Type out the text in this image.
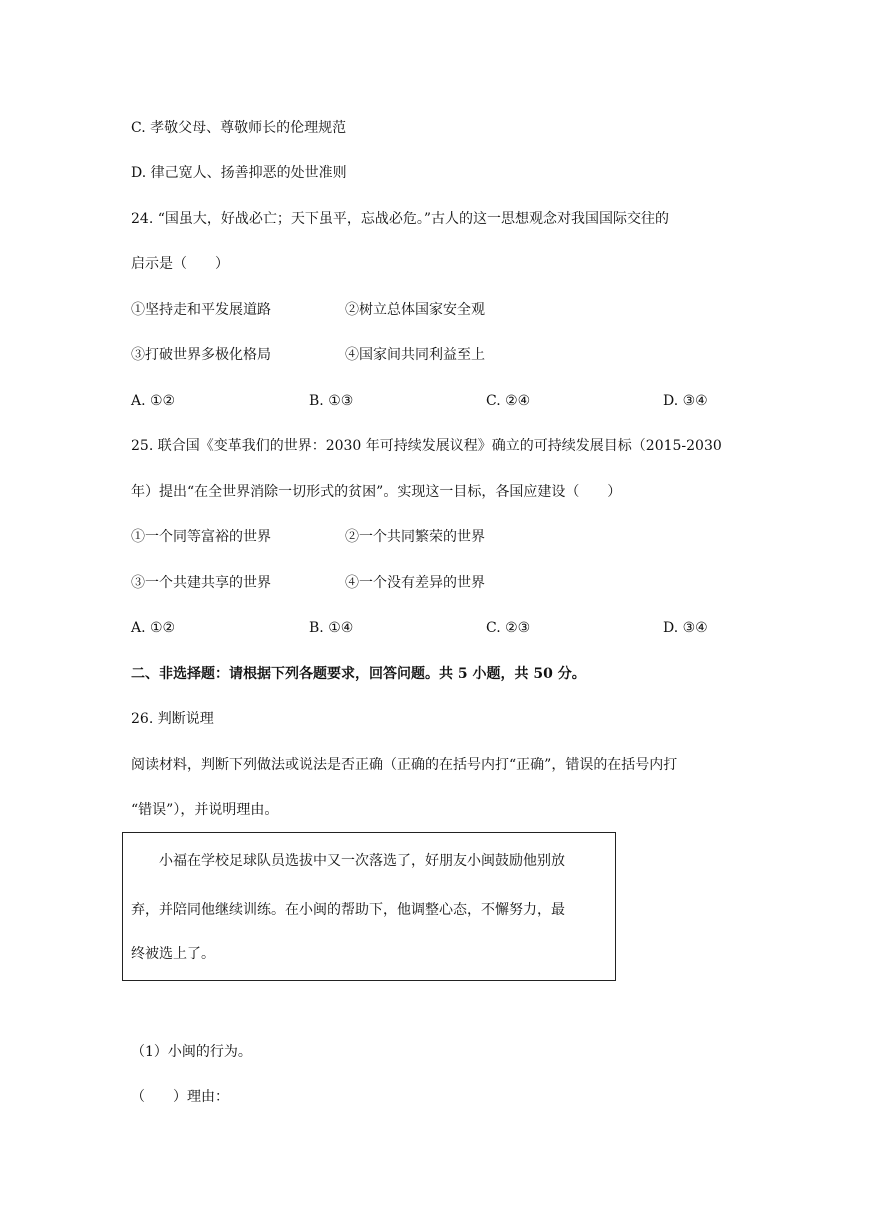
C. 孝敬父母、尊敬师长的伦理规范
D. 律己宽人、扬善抑恶的处世准则
24. “国虽大，好战必亡；天下虽平，忘战必危。”古人的这一思想观念对我国国际交往的
启示是（　　）
①坚持走和平发展道路	②树立总体国家安全观
③打破世界多极化格局	④国家间共同利益至上
A. ①②	B. ①③	C. ②④	D. ③④
25. 联合国《变革我们的世界：2030 年可持续发展议程》确立的可持续发展目标（2015-2030
年）提出“在全世界消除一切形式的贫困”。实现这一目标，各国应建设（　　）
①一个同等富裕的世界	②一个共同繁荣的世界
③一个共建共享的世界	④一个没有差异的世界
A. ①②	B. ①④	C. ②③	D. ③④
二、非选择题：请根据下列各题要求，回答问题。共 5 小题，共 50 分。
26. 判断说理
阅读材料，判断下列做法或说法是否正确（正确的在括号内打“正确”，错误的在括号内打
“错误”），并说明理由。
小福在学校足球队员选拔中又一次落选了，好朋友小闽鼓励他别放
弃，并陪同他继续训练。在小闽的帮助下，他调整心态，不懈努力，最
终被选上了。
（1）小闽的行为。
（　　）理由：
